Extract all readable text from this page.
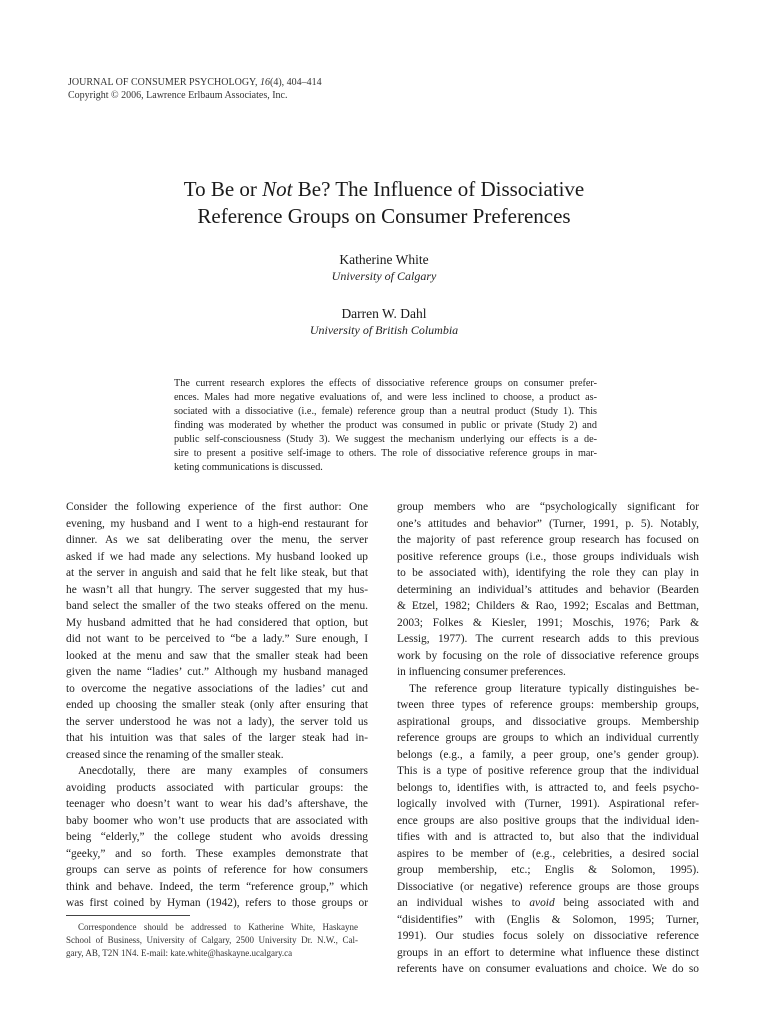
JOURNAL OF CONSUMER PSYCHOLOGY, 16(4), 404–414
Copyright © 2006, Lawrence Erlbaum Associates, Inc.
To Be or Not Be? The Influence of Dissociative
Reference Groups on Consumer Preferences
Katherine White
University of Calgary
Darren W. Dahl
University of British Columbia
The current research explores the effects of dissociative reference groups on consumer prefer-
ences. Males had more negative evaluations of, and were less inclined to choose, a product as-
sociated with a dissociative (i.e., female) reference group than a neutral product (Study 1). This
finding was moderated by whether the product was consumed in public or private (Study 2) and
public self-consciousness (Study 3). We suggest the mechanism underlying our effects is a de-
sire to present a positive self-image to others. The role of dissociative reference groups in mar-
keting communications is discussed.
Consider the following experience of the first author: One
evening, my husband and I went to a high-end restaurant for
dinner. As we sat deliberating over the menu, the server
asked if we had made any selections. My husband looked up
at the server in anguish and said that he felt like steak, but that
he wasn’t all that hungry. The server suggested that my hus-
band select the smaller of the two steaks offered on the menu.
My husband admitted that he had considered that option, but
did not want to be perceived to “be a lady.” Sure enough, I
looked at the menu and saw that the smaller steak had been
given the name “ladies’ cut.” Although my husband managed
to overcome the negative associations of the ladies’ cut and
ended up choosing the smaller steak (only after ensuring that
the server understood he was not a lady), the server told us
that his intuition was that sales of the larger steak had in-
creased since the renaming of the smaller steak.
Anecdotally, there are many examples of consumers
avoiding products associated with particular groups: the
teenager who doesn’t want to wear his dad’s aftershave, the
baby boomer who won’t use products that are associated with
being “elderly,” the college student who avoids dressing
“geeky,” and so forth. These examples demonstrate that
groups can serve as points of reference for how consumers
think and behave. Indeed, the term “reference group,” which
was first coined by Hyman (1942), refers to those groups or
group members who are “psychologically significant for
one’s attitudes and behavior” (Turner, 1991, p. 5). Notably,
the majority of past reference group research has focused on
positive reference groups (i.e., those groups individuals wish
to be associated with), identifying the role they can play in
determining an individual’s attitudes and behavior (Bearden
& Etzel, 1982; Childers & Rao, 1992; Escalas and Bettman,
2003; Folkes & Kiesler, 1991; Moschis, 1976; Park &
Lessig, 1977). The current research adds to this previous
work by focusing on the role of dissociative reference groups
in influencing consumer preferences.
The reference group literature typically distinguishes be-
tween three types of reference groups: membership groups,
aspirational groups, and dissociative groups. Membership
reference groups are groups to which an individual currently
belongs (e.g., a family, a peer group, one’s gender group).
This is a type of positive reference group that the individual
belongs to, identifies with, is attracted to, and feels psycho-
logically involved with (Turner, 1991). Aspirational refer-
ence groups are also positive groups that the individual iden-
tifies with and is attracted to, but also that the individual
aspires to be member of (e.g., celebrities, a desired social
group membership, etc.; Englis & Solomon, 1995).
Dissociative (or negative) reference groups are those groups
an individual wishes to avoid being associated with and
“disidentifies” with (Englis & Solomon, 1995; Turner,
1991). Our studies focus solely on dissociative reference
groups in an effort to determine what influence these distinct
referents have on consumer evaluations and choice. We do so
Correspondence should be addressed to Katherine White, Haskayne
School of Business, University of Calgary, 2500 University Dr. N.W., Cal-
gary, AB, T2N 1N4. E-mail: kate.white@haskayne.ucalgary.ca
